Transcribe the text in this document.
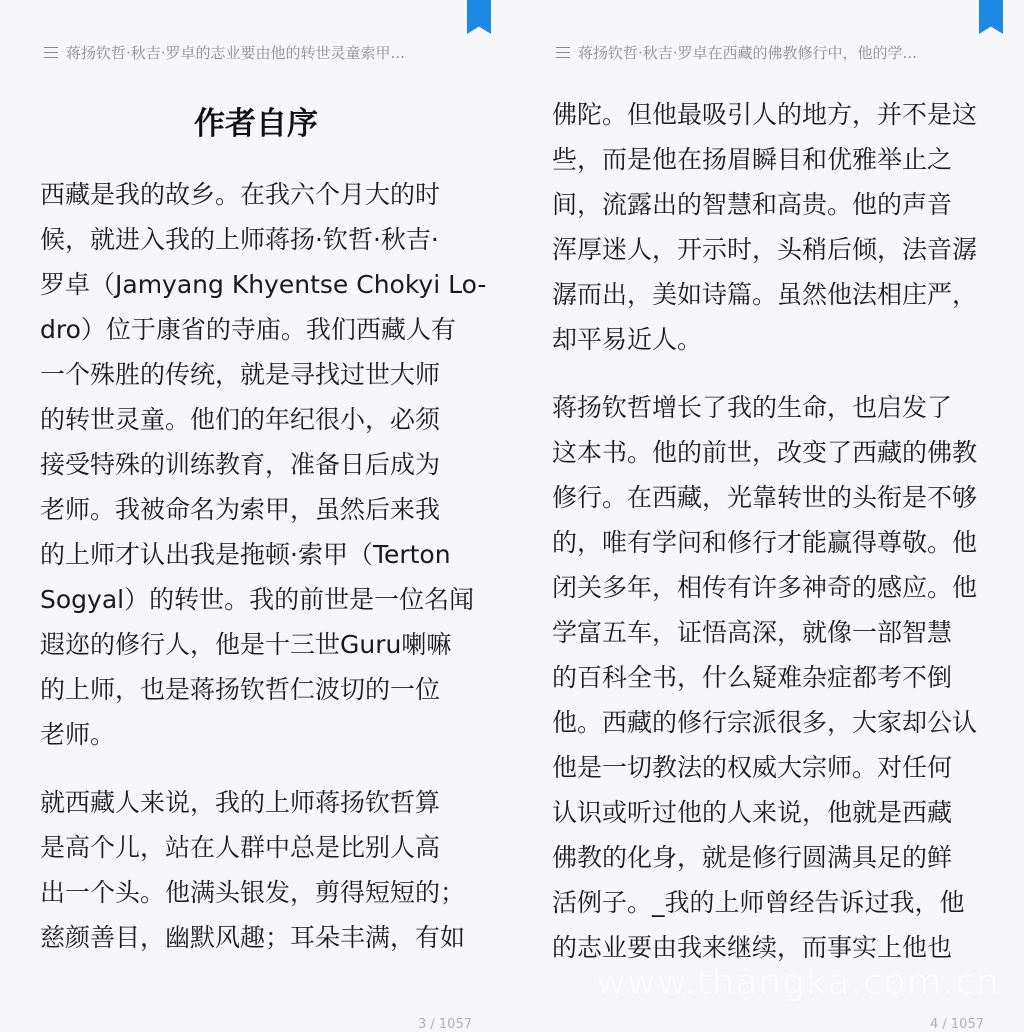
蒋扬钦哲·秋吉·罗卓的志业要由他的转世灵童索甲...
作者自序
西藏是我的故乡。在我六个月大的时
候，就进入我的上师蒋扬·钦哲·秋吉·
罗卓（Jamyang Khyentse Chokyi Lo-
dro）位于康省的寺庙。我们西藏人有
一个殊胜的传统，就是寻找过世大师
的转世灵童。他们的年纪很小，必须
接受特殊的训练教育，准备日后成为
老师。我被命名为索甲，虽然后来我
的上师才认出我是拖顿·索甲（Terton
Sogyal）的转世。我的前世是一位名闻
遐迩的修行人，他是十三世Guru喇嘛
的上师，也是蒋扬钦哲仁波切的一位
老师。
就西藏人来说，我的上师蒋扬钦哲算
是高个儿，站在人群中总是比别人高
出一个头。他满头银发，剪得短短的；
慈颜善目，幽默风趣；耳朵丰满，有如
3 / 1057
蒋扬钦哲·秋吉·罗卓在西藏的佛教修行中，他的学...
佛陀。但他最吸引人的地方，并不是这
些，而是他在扬眉瞬目和优雅举止之
间，流露出的智慧和高贵。他的声音
浑厚迷人，开示时，头稍后倾，法音潺
潺而出，美如诗篇。虽然他法相庄严，
却平易近人。
蒋扬钦哲增长了我的生命，也启发了
这本书。他的前世，改变了西藏的佛教
修行。在西藏，光靠转世的头衔是不够
的，唯有学问和修行才能赢得尊敬。他
闭关多年，相传有许多神奇的感应。他
学富五车，证悟高深，就像一部智慧
的百科全书，什么疑难杂症都考不倒
他。西藏的修行宗派很多，大家却公认
他是一切教法的权威大宗师。对任何
认识或听过他的人来说，他就是西藏
佛教的化身，就是修行圆满具足的鲜
活例子。_我的上师曾经告诉过我，他
的志业要由我来继续，而事实上他也
4 / 1057
www.thangka.com.cn
